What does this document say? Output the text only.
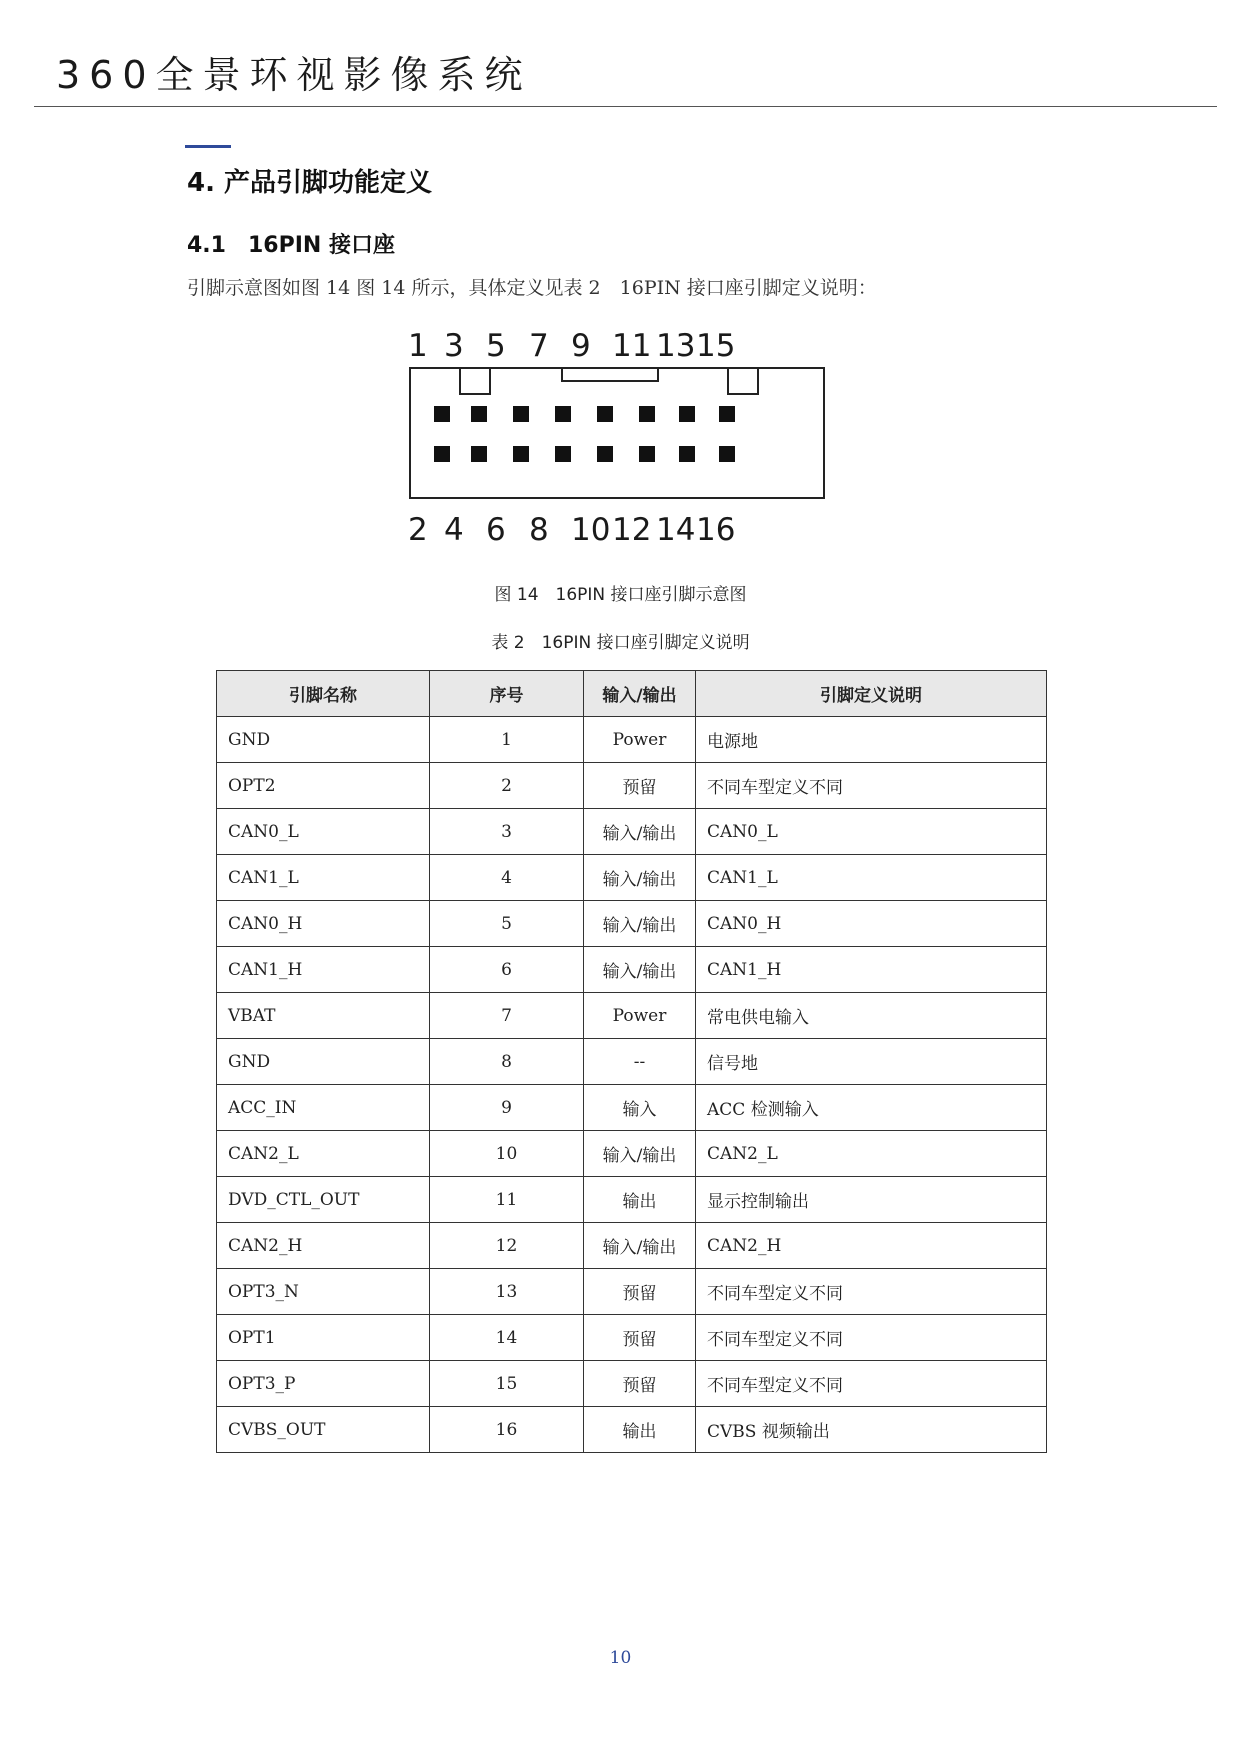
360全景环视影像系统
4. 产品引脚功能定义
4.1 16PIN 接口座
引脚示意图如图 14 图 14 所示，具体定义见表 2　16PIN 接口座引脚定义说明：
1 3 5 7 9 11 13 15
2 4 6 8 10 12 14 16
图 14　16PIN 接口座引脚示意图
表 2　16PIN 接口座引脚定义说明
引脚名称	序号	输入/输出	引脚定义说明
GND	1	Power	电源地
OPT2	2	预留	不同车型定义不同
CAN0_L	3	输入/输出	CAN0_L
CAN1_L	4	输入/输出	CAN1_L
CAN0_H	5	输入/输出	CAN0_H
CAN1_H	6	输入/输出	CAN1_H
VBAT	7	Power	常电供电输入
GND	8	--	信号地
ACC_IN	9	输入	ACC 检测输入
CAN2_L	10	输入/输出	CAN2_L
DVD_CTL_OUT	11	输出	显示控制输出
CAN2_H	12	输入/输出	CAN2_H
OPT3_N	13	预留	不同车型定义不同
OPT1	14	预留	不同车型定义不同
OPT3_P	15	预留	不同车型定义不同
CVBS_OUT	16	输出	CVBS 视频输出
10
